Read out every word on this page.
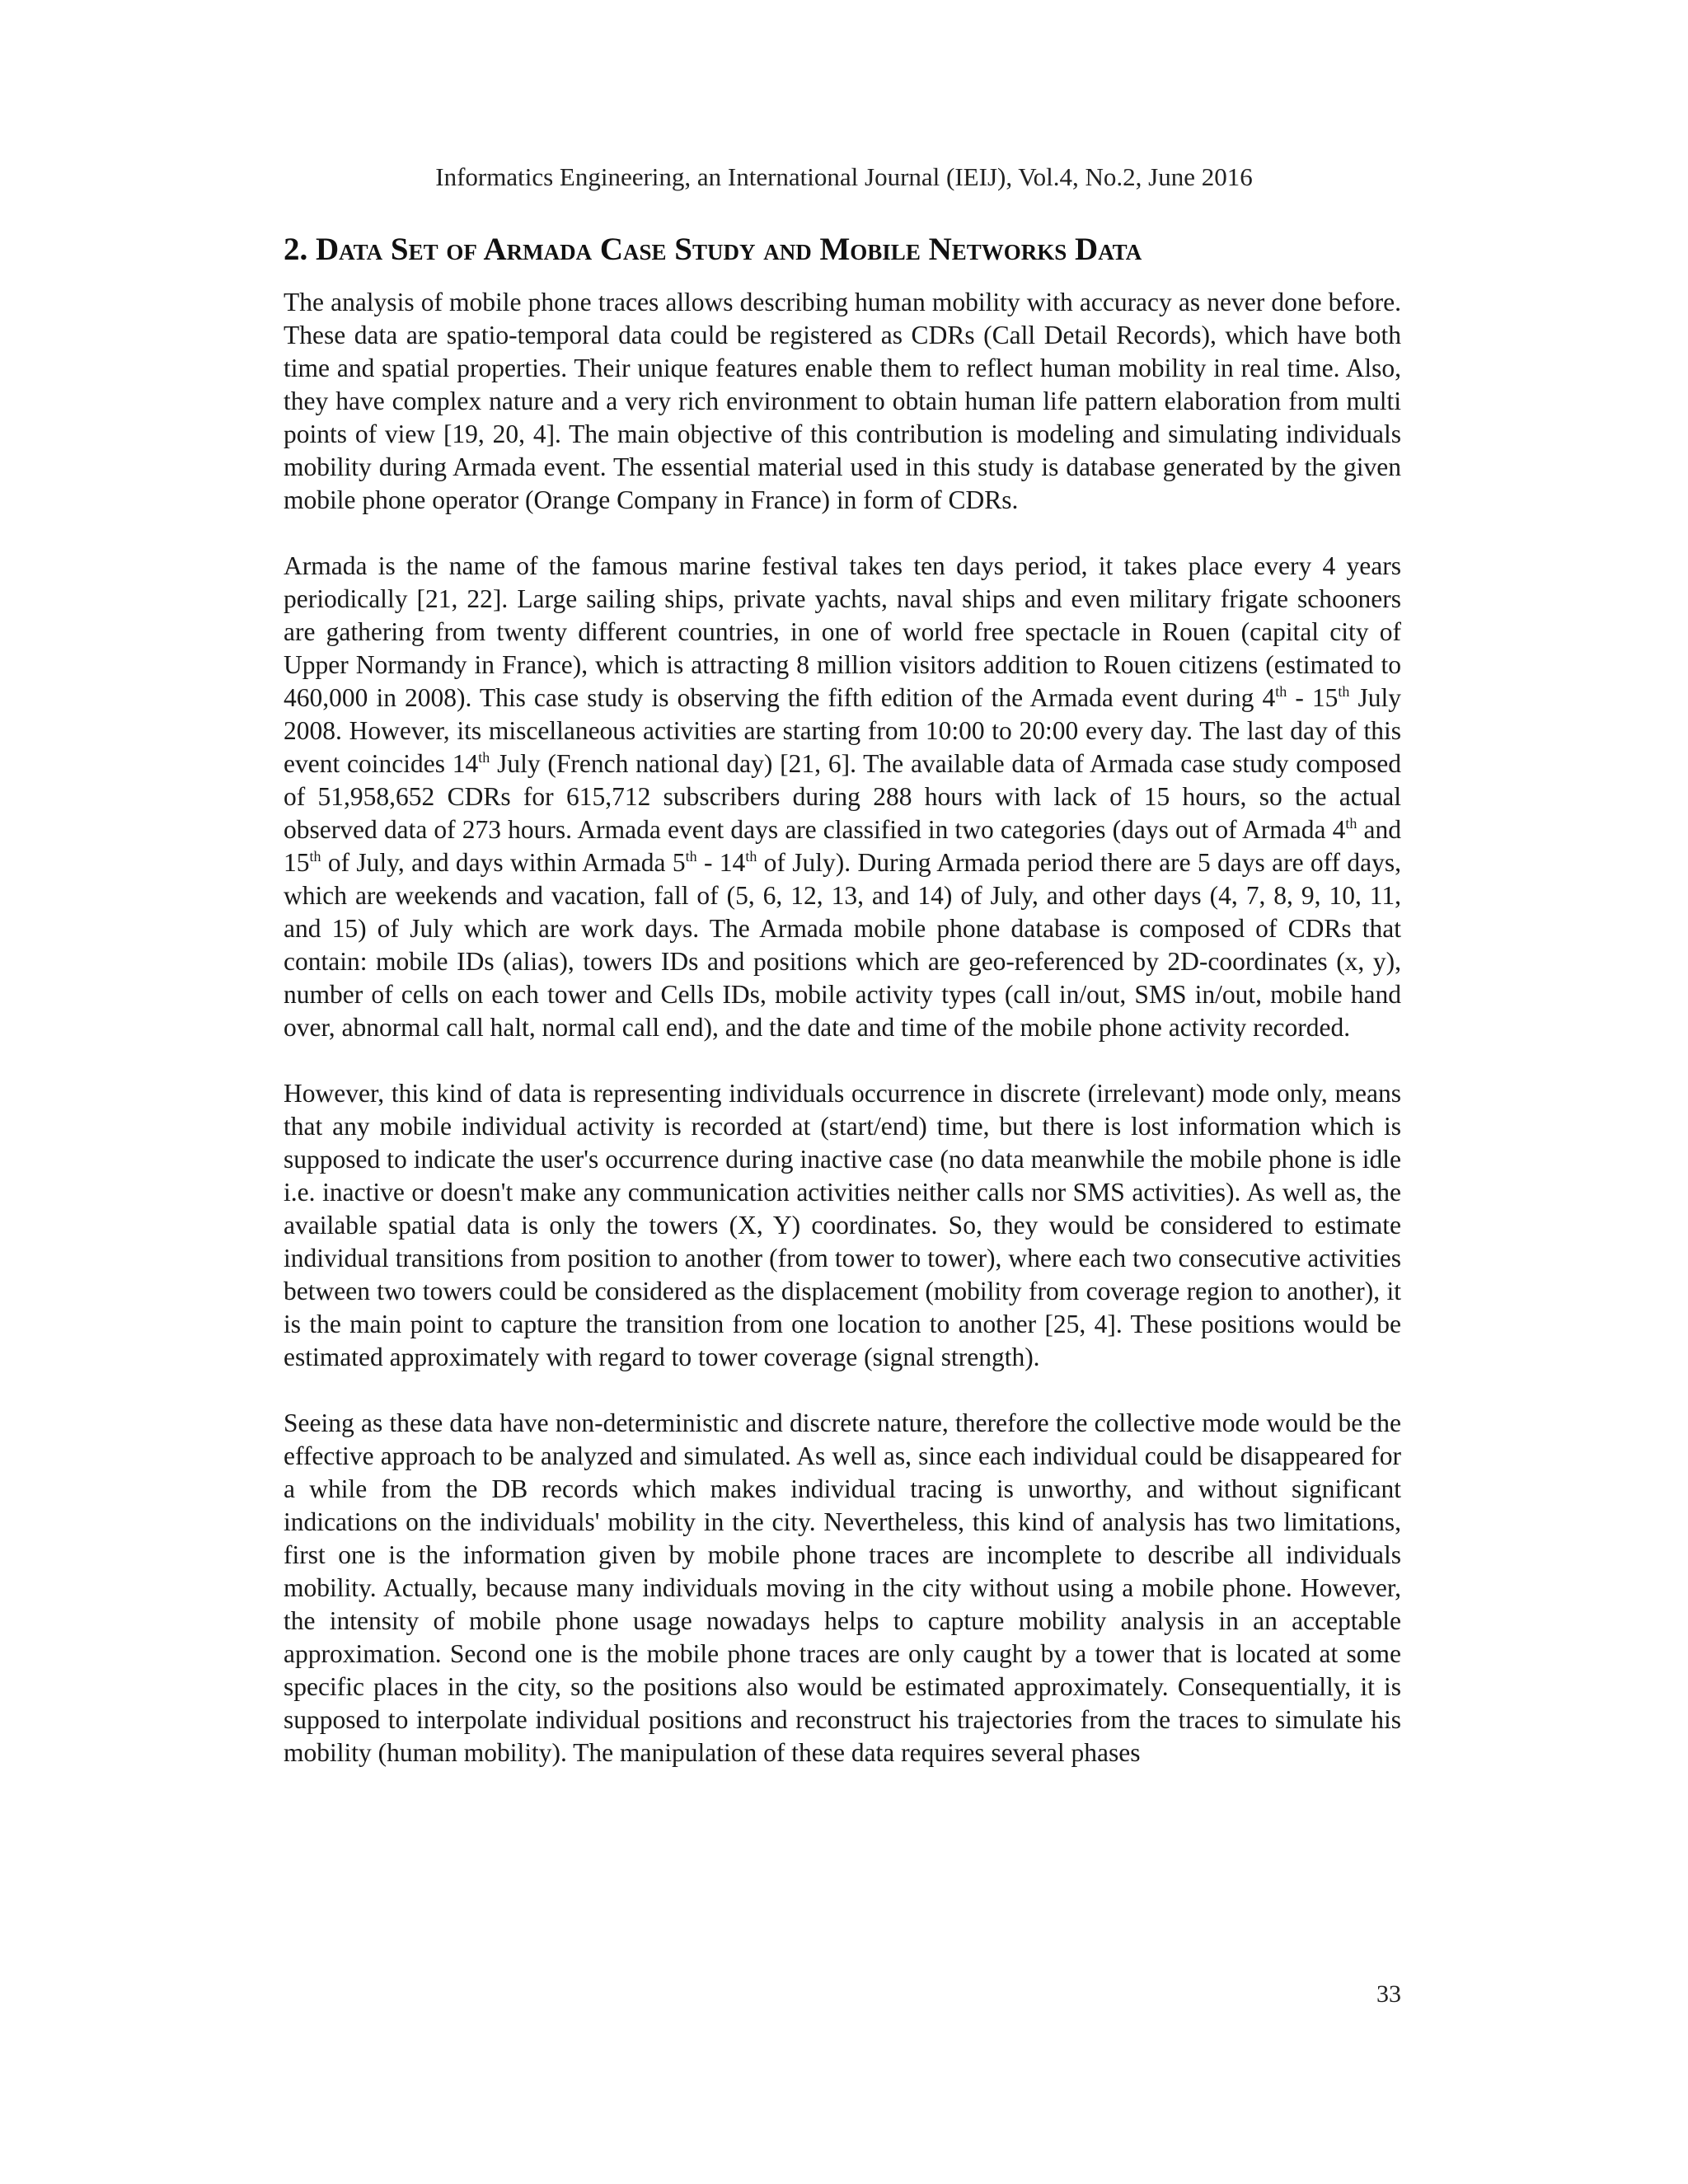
Informatics Engineering, an International Journal (IEIJ), Vol.4, No.2, June 2016
2. Data Set of Armada Case Study and Mobile Networks Data

The analysis of mobile phone traces allows describing human mobility with accuracy as never done before. These data are spatio-temporal data could be registered as CDRs (Call Detail Records), which have both time and spatial properties. Their unique features enable them to reflect human mobility in real time. Also, they have complex nature and a very rich environment to obtain human life pattern elaboration from multi points of view [19, 20, 4]. The main objective of this contribution is modeling and simulating individuals mobility during Armada event. The essential material used in this study is database generated by the given mobile phone operator (Orange Company in France) in form of CDRs.

Armada is the name of the famous marine festival takes ten days period, it takes place every 4 years periodically [21, 22]. Large sailing ships, private yachts, naval ships and even military frigate schooners are gathering from twenty different countries, in one of world free spectacle in Rouen (capital city of Upper Normandy in France), which is attracting 8 million visitors addition to Rouen citizens (estimated to 460,000 in 2008). This case study is observing the fifth edition of the Armada event during 4th - 15th July 2008. However, its miscellaneous activities are starting from 10:00 to 20:00 every day. The last day of this event coincides 14th July (French national day) [21, 6]. The available data of Armada case study composed of 51,958,652 CDRs for 615,712 subscribers during 288 hours with lack of 15 hours, so the actual observed data of 273 hours. Armada event days are classified in two categories (days out of Armada 4th and 15th of July, and days within Armada 5th - 14th of July). During Armada period there are 5 days are off days, which are weekends and vacation, fall of (5, 6, 12, 13, and 14) of July, and other days (4, 7, 8, 9, 10, 11, and 15) of July which are work days. The Armada mobile phone database is composed of CDRs that contain: mobile IDs (alias), towers IDs and positions which are geo-referenced by 2D-coordinates (x, y), number of cells on each tower and Cells IDs, mobile activity types (call in/out, SMS in/out, mobile hand over, abnormal call halt, normal call end), and the date and time of the mobile phone activity recorded.

However, this kind of data is representing individuals occurrence in discrete (irrelevant) mode only, means that any mobile individual activity is recorded at (start/end) time, but there is lost information which is supposed to indicate the user's occurrence during inactive case (no data meanwhile the mobile phone is idle i.e. inactive or doesn't make any communication activities neither calls nor SMS activities). As well as, the available spatial data is only the towers (X, Y) coordinates. So, they would be considered to estimate individual transitions from position to another (from tower to tower), where each two consecutive activities between two towers could be considered as the displacement (mobility from coverage region to another), it is the main point to capture the transition from one location to another [25, 4]. These positions would be estimated approximately with regard to tower coverage (signal strength).

Seeing as these data have non-deterministic and discrete nature, therefore the collective mode would be the effective approach to be analyzed and simulated. As well as, since each individual could be disappeared for a while from the DB records which makes individual tracing is unworthy, and without significant indications on the individuals' mobility in the city. Nevertheless, this kind of analysis has two limitations, first one is the information given by mobile phone traces are incomplete to describe all individuals mobility. Actually, because many individuals moving in the city without using a mobile phone. However, the intensity of mobile phone usage nowadays helps to capture mobility analysis in an acceptable approximation. Second one is the mobile phone traces are only caught by a tower that is located at some specific places in the city, so the positions also would be estimated approximately. Consequentially, it is supposed to interpolate individual positions and reconstruct his trajectories from the traces to simulate his mobility (human mobility). The manipulation of these data requires several phases

33
